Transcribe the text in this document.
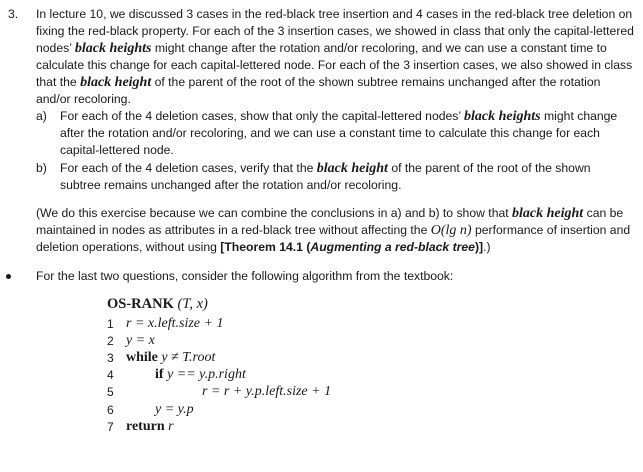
3. In lecture 10, we discussed 3 cases in the red-black tree insertion and 4 cases in the red-black tree deletion on
fixing the red-black property. For each of the 3 insertion cases, we showed in class that only the capital-lettered
nodes’ black heights might change after the rotation and/or recoloring, and we can use a constant time to
calculate this change for each capital-lettered node. For each of the 3 insertion cases, we also showed in class
that the black height of the parent of the root of the shown subtree remains unchanged after the rotation
and/or recoloring.
a) For each of the 4 deletion cases, show that only the capital-lettered nodes’ black heights might change
after the rotation and/or recoloring, and we can use a constant time to calculate this change for each
capital-lettered node.
b) For each of the 4 deletion cases, verify that the black height of the parent of the root of the shown
subtree remains unchanged after the rotation and/or recoloring.
(We do this exercise because we can combine the conclusions in a) and b) to show that black height can be
maintained in nodes as attributes in a red-black tree without affecting the O(lg n) performance of insertion and
deletion operations, without using [Theorem 14.1 (Augmenting a red-black tree)].)
For the last two questions, consider the following algorithm from the textbook:
OS-RANK (T, x)
1 r = x.left.size + 1
2 y = x
3 while y ≠ T.root
4	if y == y.p.right
5	r = r + y.p.left.size + 1
6	y = y.p
7 return r
